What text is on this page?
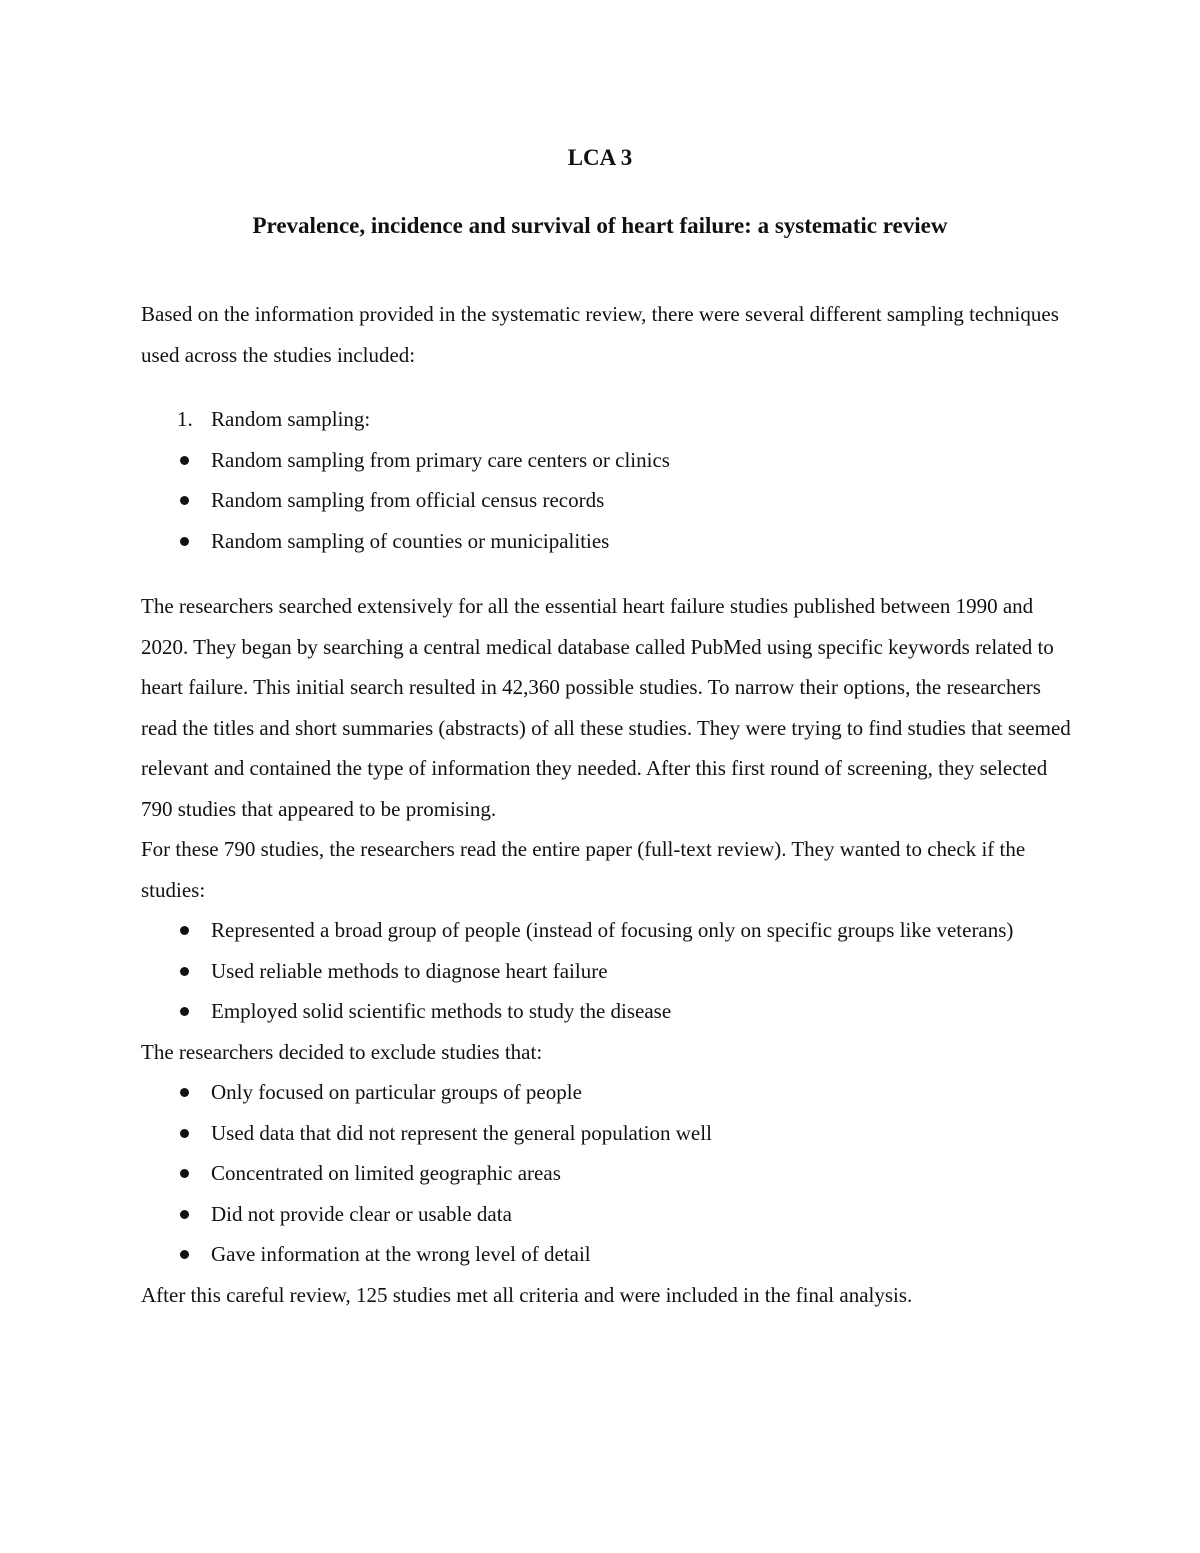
LCA 3
Prevalence, incidence and survival of heart failure: a systematic review

Based on the information provided in the systematic review, there were several different sampling techniques used across the studies included:

1. Random sampling:
Random sampling from primary care centers or clinics
Random sampling from official census records
Random sampling of counties or municipalities

The researchers searched extensively for all the essential heart failure studies published between 1990 and 2020. They began by searching a central medical database called PubMed using specific keywords related to heart failure. This initial search resulted in 42,360 possible studies. To narrow their options, the researchers read the titles and short summaries (abstracts) of all these studies. They were trying to find studies that seemed relevant and contained the type of information they needed. After this first round of screening, they selected 790 studies that appeared to be promising.

For these 790 studies, the researchers read the entire paper (full-text review). They wanted to check if the studies:

Represented a broad group of people (instead of focusing only on specific groups like veterans)
Used reliable methods to diagnose heart failure
Employed solid scientific methods to study the disease

The researchers decided to exclude studies that:

Only focused on particular groups of people
Used data that did not represent the general population well
Concentrated on limited geographic areas
Did not provide clear or usable data
Gave information at the wrong level of detail

After this careful review, 125 studies met all criteria and were included in the final analysis.
